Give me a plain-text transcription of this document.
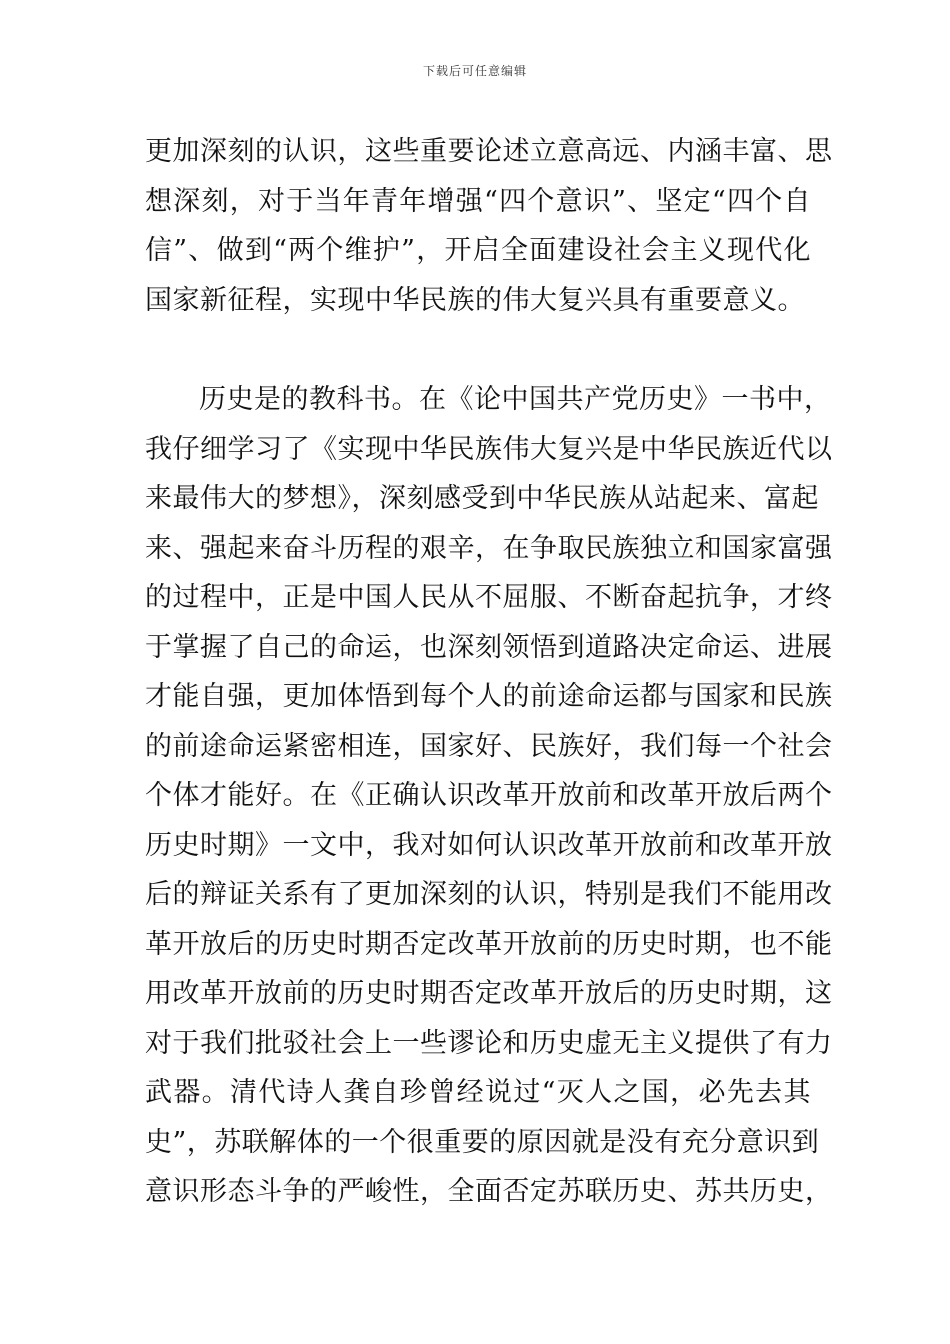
下载后可任意编辑
更加深刻的认识，这些重要论述立意高远、内涵丰富、思
想深刻，对于当年青年增强“四个意识”、坚定“四个自
信”、做到“两个维护”，开启全面建设社会主义现代化
国家新征程，实现中华民族的伟大复兴具有重要意义。
历史是的教科书。在《论中国共产党历史》一书中，
我仔细学习了《实现中华民族伟大复兴是中华民族近代以
来最伟大的梦想》，深刻感受到中华民族从站起来、富起
来、强起来奋斗历程的艰辛，在争取民族独立和国家富强
的过程中，正是中国人民从不屈服、不断奋起抗争，才终
于掌握了自己的命运，也深刻领悟到道路决定命运、进展
才能自强，更加体悟到每个人的前途命运都与国家和民族
的前途命运紧密相连，国家好、民族好，我们每一个社会
个体才能好。在《正确认识改革开放前和改革开放后两个
历史时期》一文中，我对如何认识改革开放前和改革开放
后的辩证关系有了更加深刻的认识，特别是我们不能用改
革开放后的历史时期否定改革开放前的历史时期，也不能
用改革开放前的历史时期否定改革开放后的历史时期，这
对于我们批驳社会上一些谬论和历史虚无主义提供了有力
武器。清代诗人龚自珍曾经说过“灭人之国，必先去其
史”，苏联解体的一个很重要的原因就是没有充分意识到
意识形态斗争的严峻性，全面否定苏联历史、苏共历史，
